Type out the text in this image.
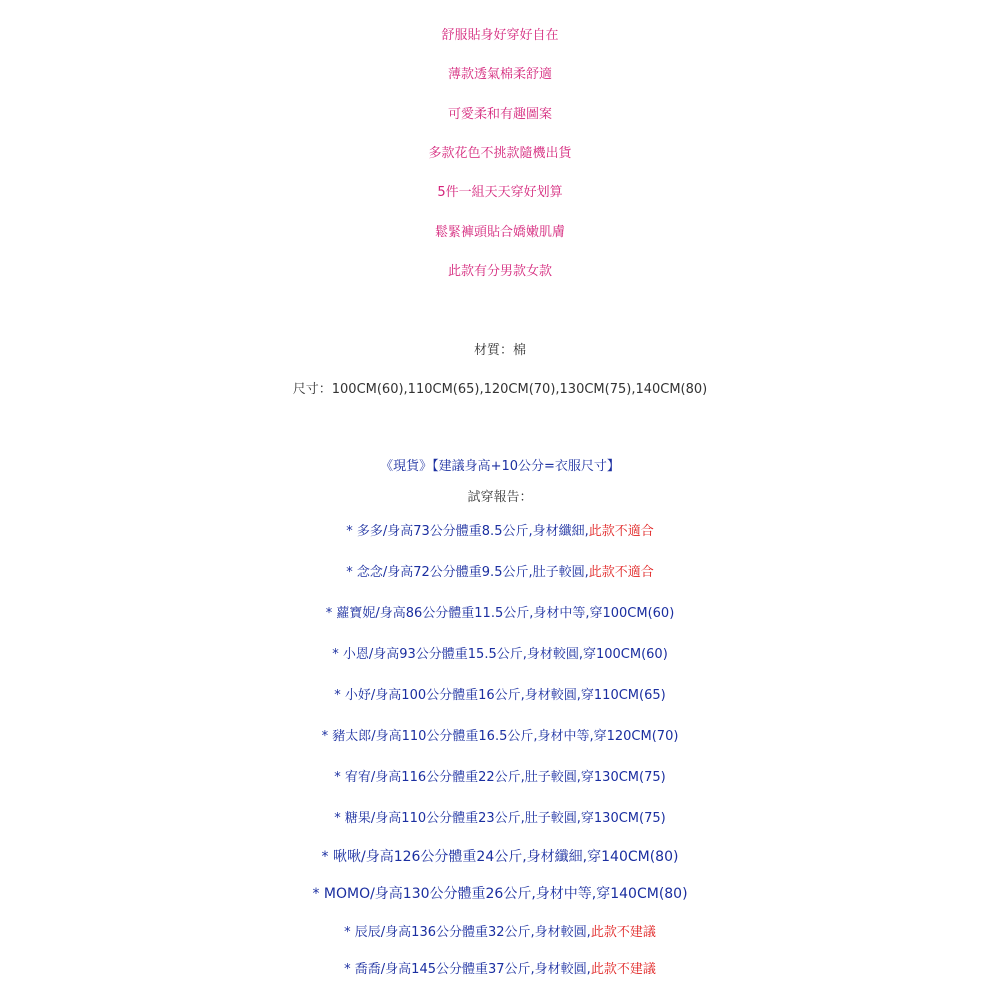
舒服貼身好穿好自在
薄款透氣棉柔舒適
可愛柔和有趣圖案
多款花色不挑款隨機出貨
5件一組天天穿好划算
鬆緊褲頭貼合嬌嫩肌膚
此款有分男款女款
材質：棉
尺寸：100CM(60),110CM(65),120CM(70),130CM(75),140CM(80)
《現貨》【建議身高+10公分=衣服尺寸】
試穿報告：
* 多多/身高73公分體重8.5公斤,身材纖細,此款不適合
* 念念/身高72公分體重9.5公斤,肚子較圓,此款不適合
* 蘿寶妮/身高86公分體重11.5公斤,身材中等,穿100CM(60)
* 小恩/身高93公分體重15.5公斤,身材較圓,穿100CM(60)
* 小妤/身高100公分體重16公斤,身材較圓,穿110CM(65)
* 豬太郎/身高110公分體重16.5公斤,身材中等,穿120CM(70)
* 宥宥/身高116公分體重22公斤,肚子較圓,穿130CM(75)
* 糖果/身高110公分體重23公斤,肚子較圓,穿130CM(75)
* 啾啾/身高126公分體重24公斤,身材纖細,穿140CM(80)
* MOMO/身高130公分體重26公斤,身材中等,穿140CM(80)
* 辰辰/身高136公分體重32公斤,身材較圓,此款不建議
* 喬喬/身高145公分體重37公斤,身材較圓,此款不建議
